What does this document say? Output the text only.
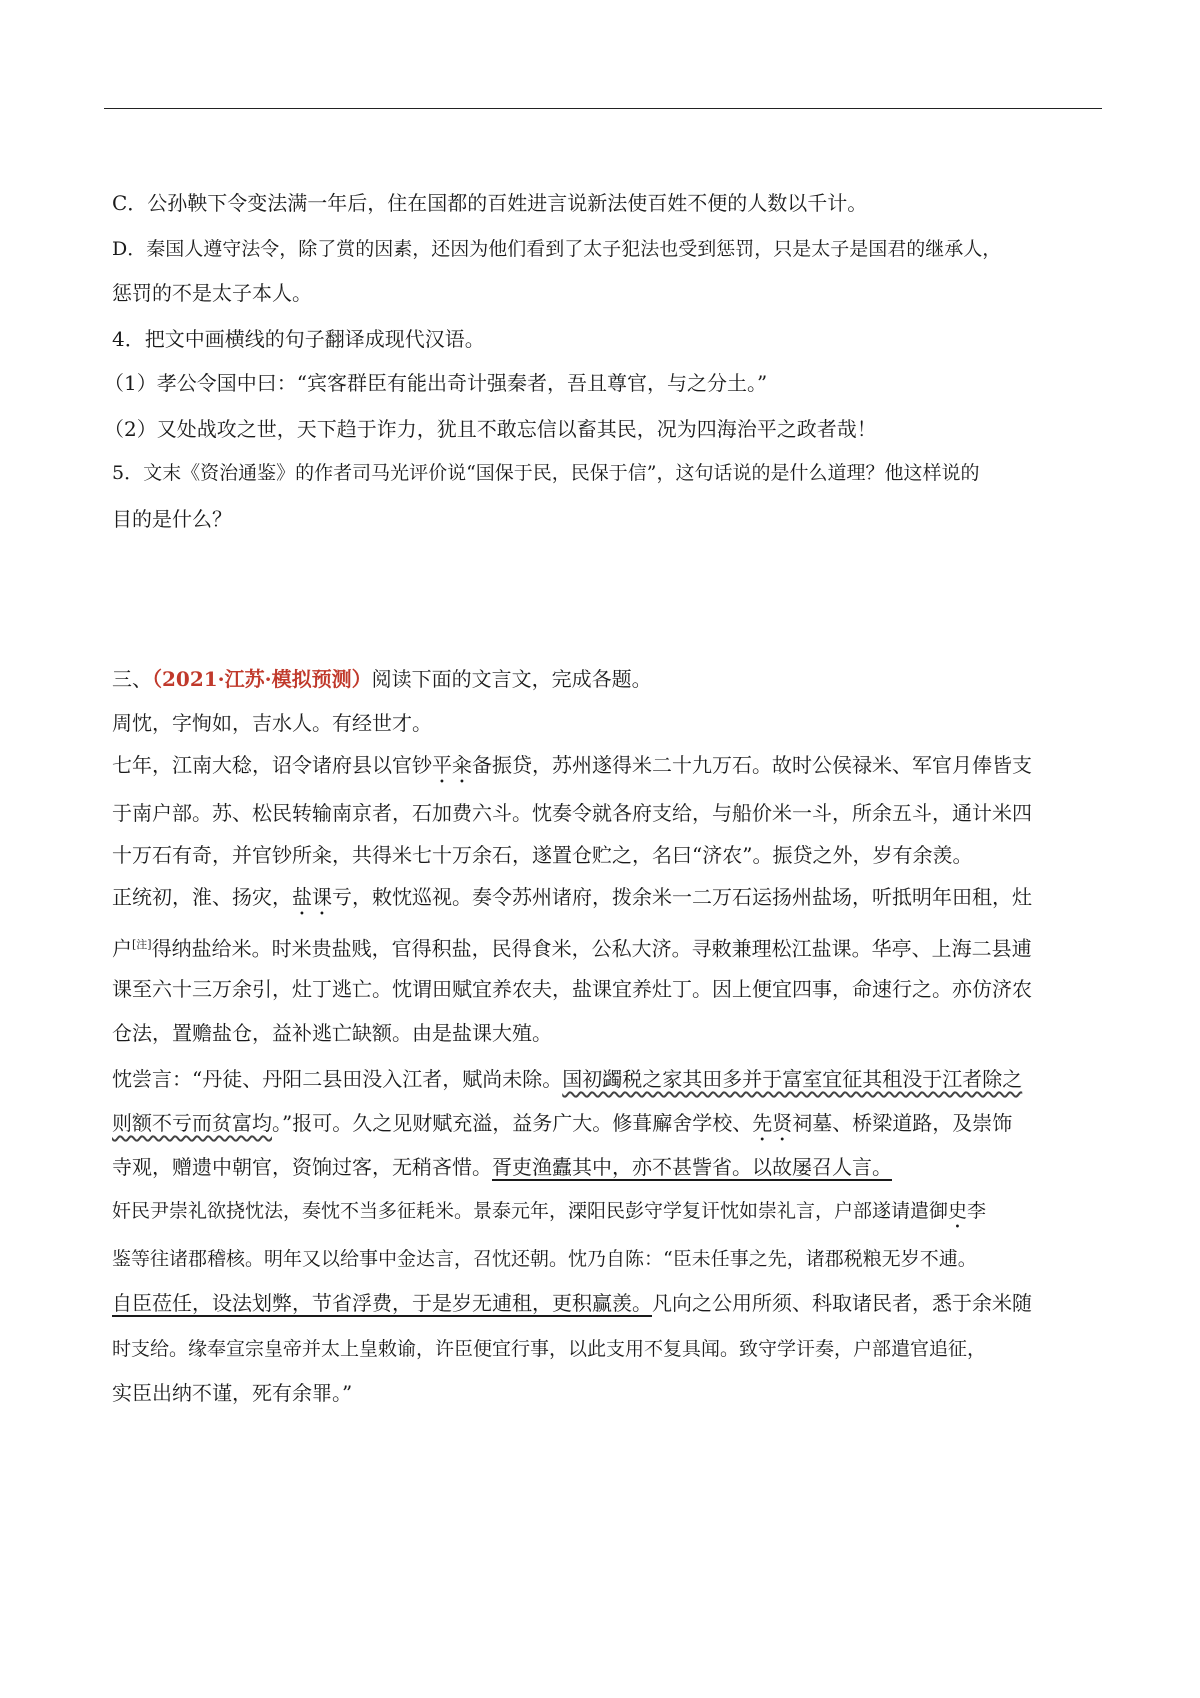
C．公孙鞅下令变法满一年后，住在国都的百姓进言说新法使百姓不便的人数以千计。
D．秦国人遵守法令，除了赏的因素，还因为他们看到了太子犯法也受到惩罚，只是太子是国君的继承人，
惩罚的不是太子本人。
4．把文中画横线的句子翻译成现代汉语。
（1）孝公令国中曰：“宾客群臣有能出奇计强秦者，吾且尊官，与之分土。”
（2）又处战攻之世，天下趋于诈力，犹且不敢忘信以畜其民，况为四海治平之政者哉！
5．文末《资治通鉴》的作者司马光评价说“国保于民，民保于信”，这句话说的是什么道理？他这样说的
目的是什么？
三、（2021·江苏·模拟预测）阅读下面的文言文，完成各题。
周忱，字恂如，吉水人。有经世才。
七年，江南大稔，诏令诸府县以官钞平籴备振贷，苏州遂得米二十九万石。故时公侯禄米、军官月俸皆支
于南户部。苏、松民转输南京者，石加费六斗。忱奏令就各府支给，与船价米一斗，所余五斗，通计米四
十万石有奇，并官钞所籴，共得米七十万余石，遂置仓贮之，名曰“济农”。振贷之外，岁有余羡。
正统初，淮、扬灾，盐课亏，敕忱巡视。奏令苏州诸府，拨余米一二万石运扬州盐场，听抵明年田租，灶
户[注]得纳盐给米。时米贵盐贱，官得积盐，民得食米，公私大济。寻敕兼理松江盐课。华亭、上海二县逋
课至六十三万余引，灶丁逃亡。忱谓田赋宜养农夫，盐课宜养灶丁。因上便宜四事，命速行之。亦仿济农
仓法，置赡盐仓，益补逃亡缺额。由是盐课大殖。
忱尝言：“丹徒、丹阳二县田没入江者，赋尚未除。国初蠲税之家其田多并于富室宜征其租没于江者除之
则额不亏而贫富均。”报可。久之见财赋充溢，益务广大。修葺廨舍学校、先贤祠墓、桥梁道路，及崇饰
寺观，赠遗中朝官，资饷过客，无稍吝惜。胥吏渔蠹其中，亦不甚訾省。以故屡召人言。
奸民尹崇礼欲挠忱法，奏忱不当多征耗米。景泰元年，溧阳民彭守学复讦忱如崇礼言，户部遂请遣御史李
鉴等往诸郡稽核。明年又以给事中金达言，召忱还朝。忱乃自陈：“臣未任事之先，诸郡税粮无岁不逋。
自臣莅任，设法划弊，节省浮费，于是岁无逋租，更积赢羡。凡向之公用所须、科取诸民者，悉于余米随
时支给。缘奉宣宗皇帝并太上皇敕谕，许臣便宜行事，以此支用不复具闻。致守学讦奏，户部遣官追征，
实臣出纳不谨，死有余罪。”
